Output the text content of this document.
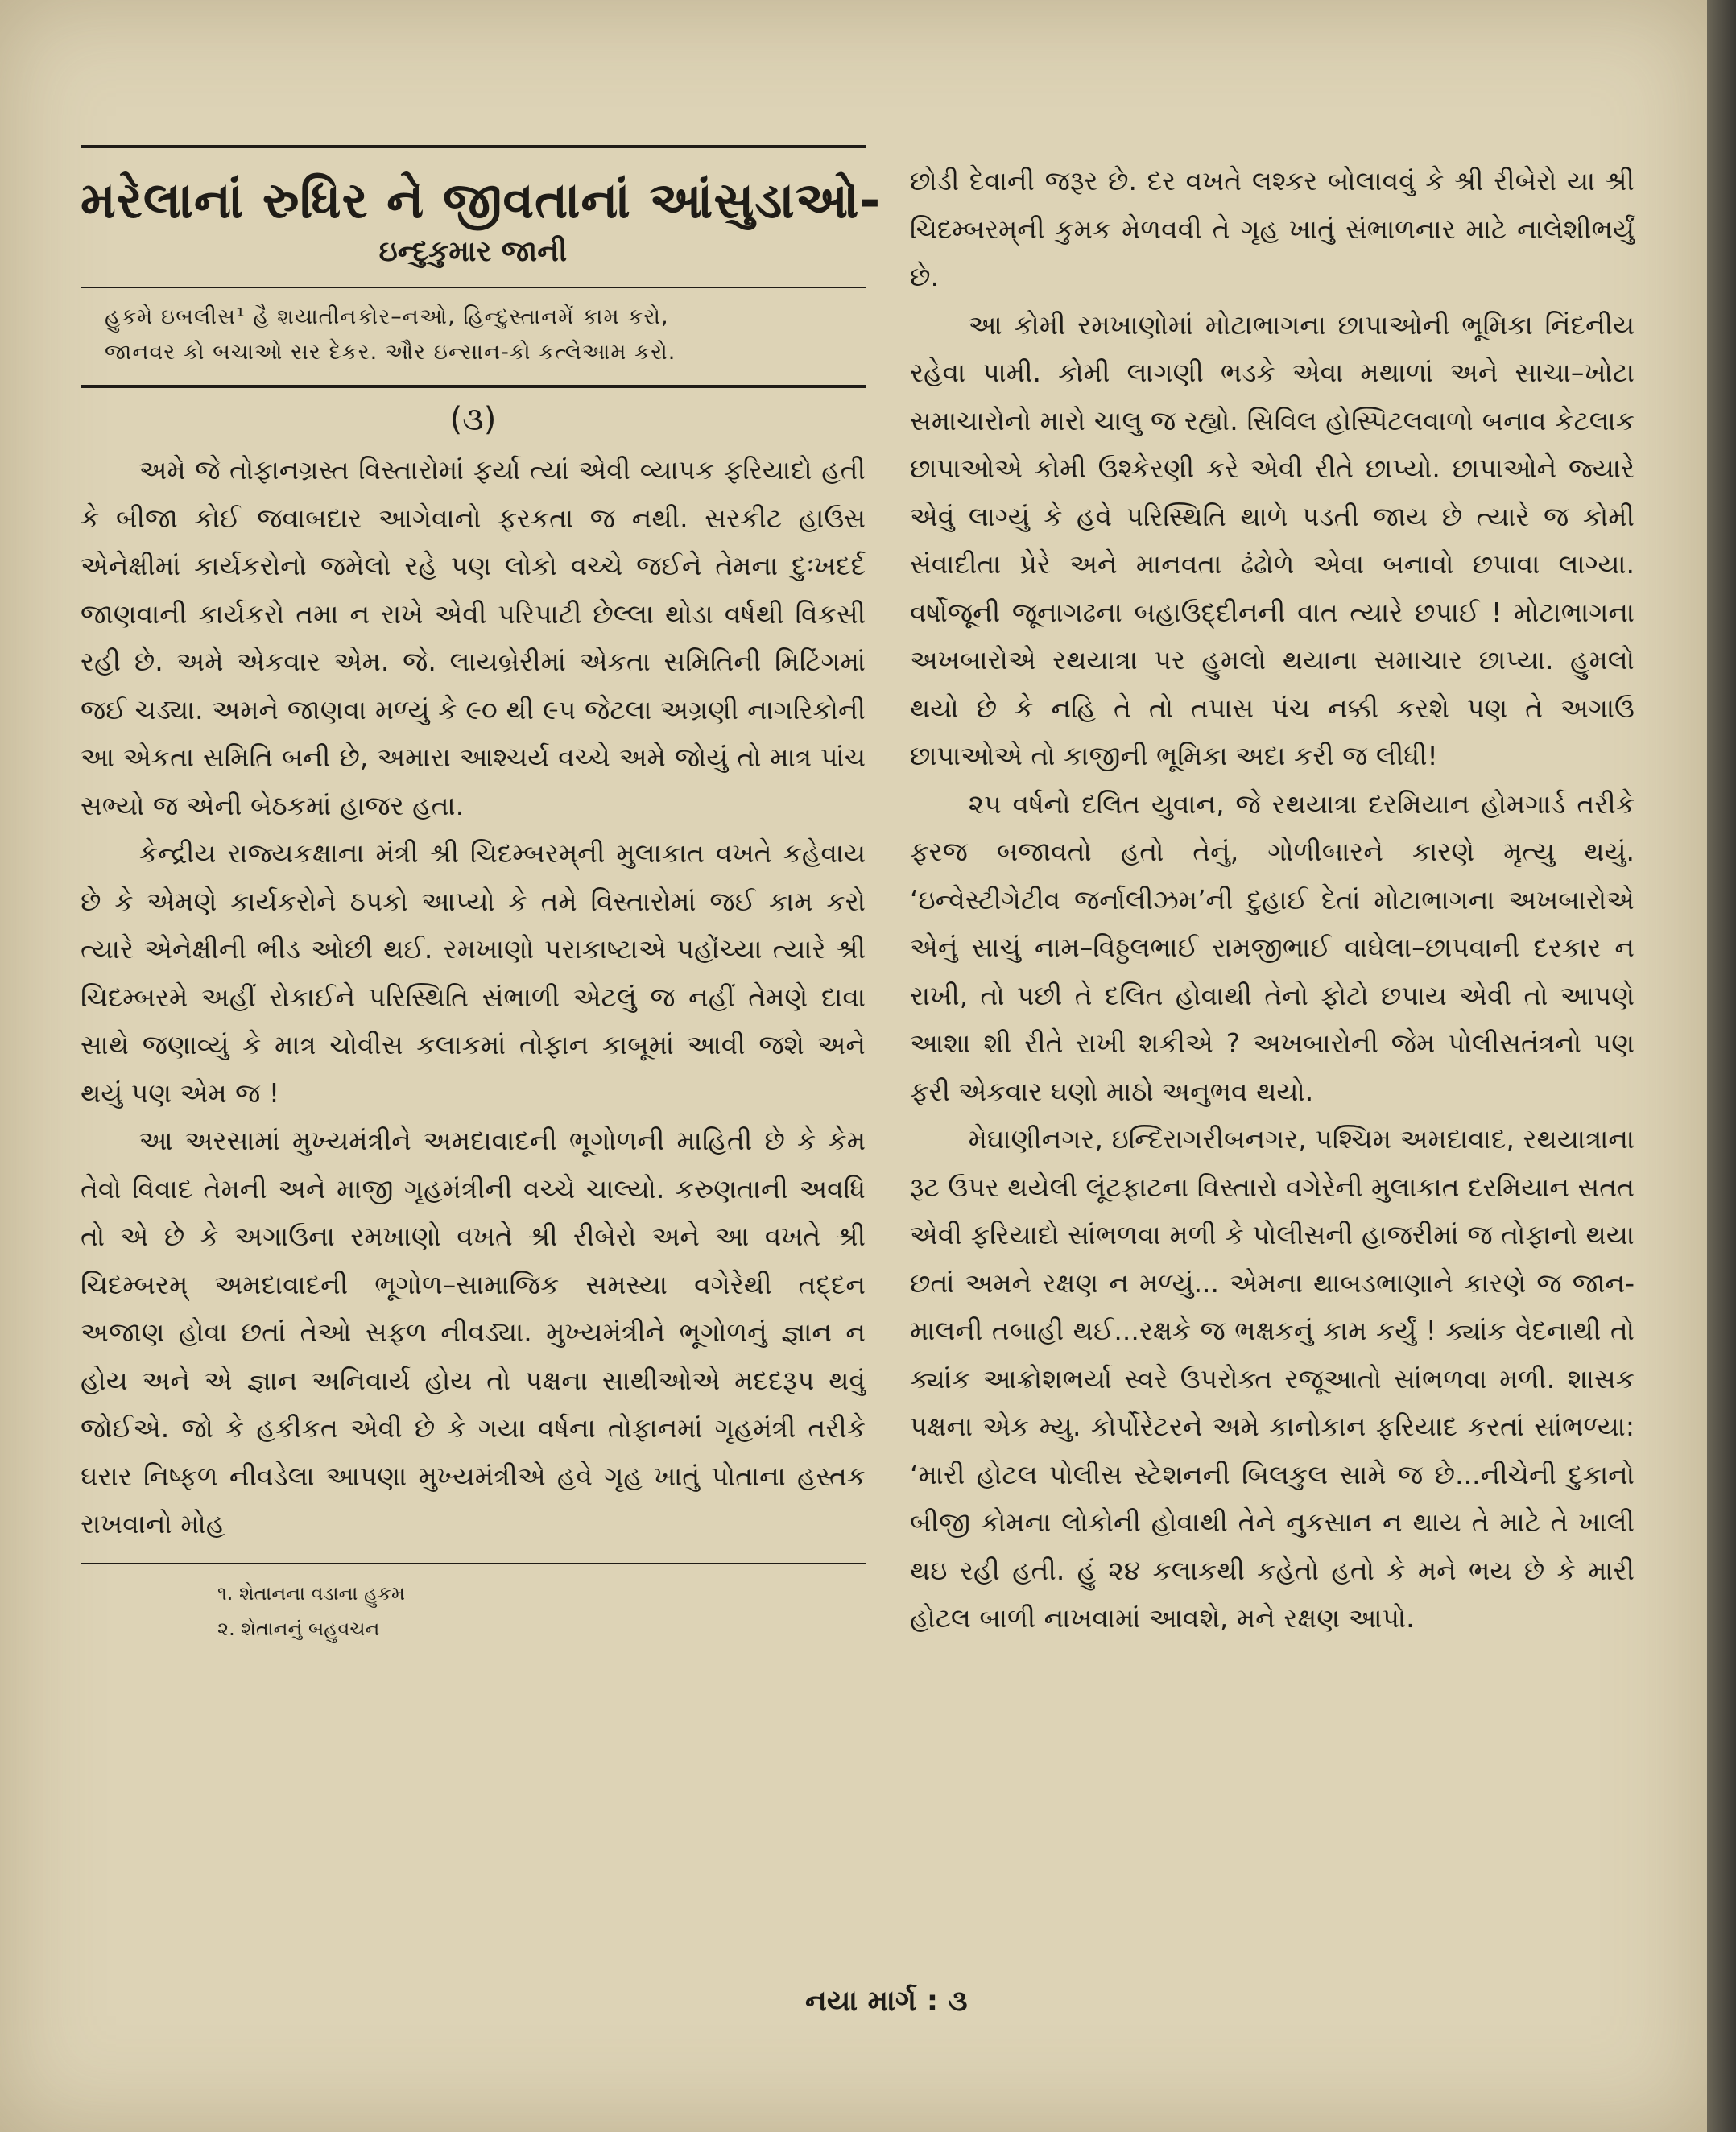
મરેલાનાં રુધિર ને જીવતાનાં આંસુડાઓ-
ઇન્દુકુમાર જાની
હુકમે ઇબલીસ¹ હૈ શયાતીનકોર–નઓ, હિન્દુસ્તાનમેં કામ કરો,
જાનવર કો બચાઓ સર દેકર. ઔર ઇન્સાન-કો કત્લેઆમ કરો.
(૩)

અમે જે તોફાનગ્રસ્ત વિસ્તારોમાં ફર્યા ત્યાં એવી વ્યાપક ફરિયાદો હતી કે બીજા કોઈ જવાબદાર આગેવાનો ફરકતા જ નથી. સરકીટ હાઉસ એનેક્ષીમાં કાર્યકરોનો જમેલો રહે પણ લોકો વચ્ચે જઈને તેમના દુઃખદર્દ જાણવાની કાર્યકરો તમા ન રાખે એવી પરિપાટી છેલ્લા થોડા વર્ષથી વિકસી રહી છે. અમે એકવાર એમ. જે. લાયબ્રેરીમાં એકતા સમિતિની મિટિંગમાં જઈ ચડ્યા. અમને જાણવા મળ્યું કે ૯૦ થી ૯૫ જેટલા અગ્રણી નાગરિકોની આ એકતા સમિતિ બની છે, અમારા આશ્ચર્ય વચ્ચે અમે જોયું તો માત્ર પાંચ સભ્યો જ એની બેઠકમાં હાજર હતા.

કેન્દ્રીય રાજ્યકક્ષાના મંત્રી શ્રી ચિદમ્બરમ્‌ની મુલાકાત વખતે કહેવાય છે કે એમણે કાર્યકરોને ઠપકો આપ્યો કે તમે વિસ્તારોમાં જઈ કામ કરો ત્યારે એનેક્ષીની ભીડ ઓછી થઈ. રમખાણો પરાકાષ્ટાએ પહોંચ્યા ત્યારે શ્રી ચિદમ્બરમે અહીં રોકાઈને પરિસ્થિતિ સંભાળી એટલું જ નહીં તેમણે દાવા સાથે જણાવ્યું કે માત્ર ચોવીસ કલાકમાં તોફાન કાબૂમાં આવી જશે અને થયું પણ એમ જ !

આ અરસામાં મુખ્યમંત્રીને અમદાવાદની ભૂગોળની માહિતી છે કે કેમ તેવો વિવાદ તેમની અને માજી ગૃહમંત્રીની વચ્ચે ચાલ્યો. કરુણતાની અવધિ તો એ છે કે અગાઉના રમખાણો વખતે શ્રી રીબેરો અને આ વખતે શ્રી ચિદમ્બરમ્ અમદાવાદની ભૂગોળ–સામાજિક સમસ્યા વગેરેથી તદ્દન અજાણ હોવા છતાં તેઓ સફળ નીવડ્યા. મુખ્યમંત્રીને ભૂગોળનું જ્ઞાન ન હોય અને એ જ્ઞાન અનિવાર્ય હોય તો પક્ષના સાથીઓએ મદદરૂપ થવું જોઈએ. જો કે હકીકત એવી છે કે ગયા વર્ષના તોફાનમાં ગૃહમંત્રી તરીકે ઘરાર નિષ્ફળ નીવડેલા આપણા મુખ્યમંત્રીએ હવે ગૃહ ખાતું પોતાના હસ્તક રાખવાનો મોહ

૧. શેતાનના વડાના હુકમ
૨. શેતાનનું બહુવચન

છોડી દેવાની જરૂર છે. દર વખતે લશ્કર બોલાવવું કે શ્રી રીબેરો યા શ્રી ચિદમ્બરમ્‌ની કુમક મેળવવી તે ગૃહ ખાતું સંભાળનાર માટે નાલેશીભર્યું છે.

આ કોમી રમખાણોમાં મોટાભાગના છાપાઓની ભૂમિકા નિંદનીય રહેવા પામી. કોમી લાગણી ભડકે એવા મથાળાં અને સાચા–ખોટા સમાચારોનો મારો ચાલુ જ રહ્યો. સિવિલ હોસ્પિટલવાળો બનાવ કેટલાક છાપાઓએ કોમી ઉશ્કેરણી કરે એવી રીતે છાપ્યો. છાપાઓને જ્યારે એવું લાગ્યું કે હવે પરિસ્થિતિ થાળે પડતી જાય છે ત્યારે જ કોમી સંવાદીતા પ્રેરે અને માનવતા ઢંઢોળે એવા બનાવો છપાવા લાગ્યા. વર્ષોજૂની જૂનાગઢના બહાઉદ્દીનની વાત ત્યારે છપાઈ ! મોટાભાગના અખબારોએ રથયાત્રા પર હુમલો થયાના સમાચાર છાપ્યા. હુમલો થયો છે કે નહિ તે તો તપાસ પંચ નક્કી કરશે પણ તે અગાઉ છાપાઓએ તો કાજીની ભૂમિકા અદા કરી જ લીધી!

૨૫ વર્ષનો દલિત યુવાન, જે રથયાત્રા દરમિયાન હોમગાર્ડ તરીકે ફરજ બજાવતો હતો તેનું, ગોળીબારને કારણે મૃત્યુ થયું. ‘ઇન્વેસ્ટીગેટીવ જર્નાલીઝમ’ની દુહાઈ દેતાં મોટાભાગના અખબારોએ એનું સાચું નામ–વિઠ્ઠલભાઈ રામજીભાઈ વાઘેલા–છાપવાની દરકાર ન રાખી, તો પછી તે દલિત હોવાથી તેનો ફોટો છપાય એવી તો આપણે આશા શી રીતે રાખી શકીએ ? અખબારોની જેમ પોલીસતંત્રનો પણ ફરી એકવાર ઘણો માઠો અનુભવ થયો.

મેઘાણીનગર, ઇન્દિરાગરીબનગર, પશ્ચિમ અમદાવાદ, રથયાત્રાના રૂટ ઉપર થયેલી લૂંટફાટના વિસ્તારો વગેરેની મુલાકાત દરમિયાન સતત એવી ફરિયાદો સાંભળવા મળી કે પોલીસની હાજરીમાં જ તોફાનો થયા છતાં અમને રક્ષણ ન મળ્યું... એમના થાબડભાણાને કારણે જ જાન-માલની તબાહી થઈ...રક્ષકે જ ભક્ષકનું કામ કર્યું ! ક્યાંક વેદનાથી તો ક્યાંક આક્રોશભર્યા સ્વરે ઉપરોક્ત રજૂઆતો સાંભળવા મળી. શાસક પક્ષના એક મ્યુ. કોર્પોરેટરને અમે કાનોકાન ફરિયાદ કરતાં સાંભળ્યા: ‘મારી હોટલ પોલીસ સ્ટેશનની બિલકુલ સામે જ છે...નીચેની દુકાનો બીજી કોમના લોકોની હોવાથી તેને નુકસાન ન થાય તે માટે તે ખાલી થઇ રહી હતી. હું ૨૪ કલાકથી કહેતો હતો કે મને ભય છે કે મારી હોટલ બાળી નાખવામાં આવશે, મને રક્ષણ આપો.

નયા માર્ગ : ૩
